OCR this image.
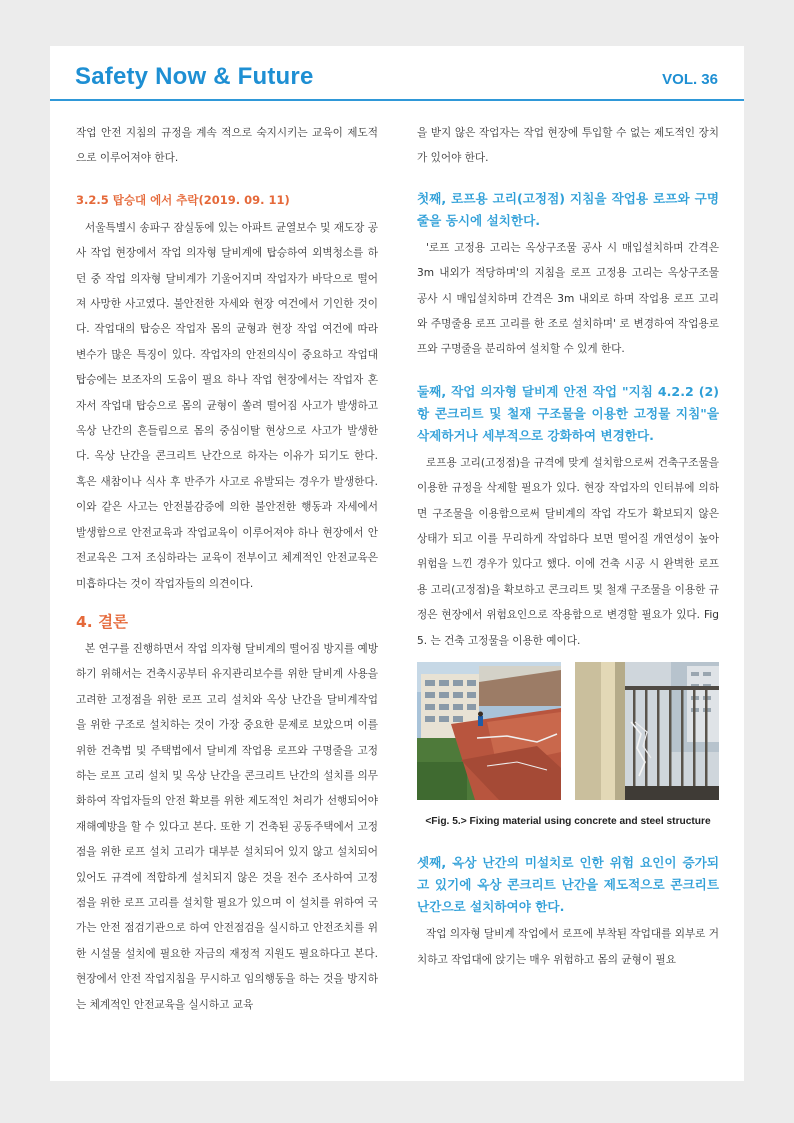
Safety Now & Future	VOL. 36

작업 안전 지침의 규정을 계속 적으로 숙지시키는 교육이 제도적으로 이루어져야 한다.

3.2.5 탑승대 에서 추락(2019. 09. 11)

서울특별시 송파구 잠실동에 있는 아파트 균열보수 및 재도장 공사 작업 현장에서 작업 의자형 달비계에 탑승하여 외벽청소를 하던 중 작업 의자형 달비계가 기울어지며 작업자가 바닥으로 떨어져 사망한 사고였다. 불안전한 자세와 현장 여건에서 기인한 것이다. 작업대의 탑승은 작업자 몸의 균형과 현장 작업 여건에 따라 변수가 많은 특징이 있다. 작업자의 안전의식이 중요하고 작업대 탑승에는 보조자의 도움이 필요 하나 작업 현장에서는 작업자 혼자서 작업대 탑승으로 몸의 균형이 쏠려 떨어짐 사고가 발생하고 옥상 난간의 흔들림으로 몸의 중심이탈 현상으로 사고가 발생한다. 옥상 난간을 콘크리트 난간으로 하자는 이유가 되기도 한다. 혹은 새참이나 식사 후 반주가 사고로 유발되는 경우가 발생한다. 이와 같은 사고는 안전불감증에 의한 불안전한 행동과 자세에서 발생함으로 안전교육과 작업교육이 이루어져야 하나 현장에서 안전교육은 그저 조심하라는 교육이 전부이고 체계적인 안전교육은 미흡하다는 것이 작업자들의 의견이다.

4. 결론

본 연구를 진행하면서 작업 의자형 달비계의 떨어짐 방지를 예방하기 위해서는 건축시공부터 유지관리보수를 위한 달비계 사용을 고려한 고정점을 위한 로프 고리 설치와 옥상 난간을 달비계작업을 위한 구조로 설치하는 것이 가장 중요한 문제로 보았으며 이를 위한 건축법 및 주택법에서 달비계 작업용 로프와 구명줄을 고정하는 로프 고리 설치 및 옥상 난간을 콘크리트 난간의 설치를 의무화하여 작업자들의 안전 확보를 위한 제도적인 처리가 선행되어야 재해예방을 할 수 있다고 본다. 또한 기 건축된 공동주택에서 고정점을 위한 로프 설치 고리가 대부분 설치되어 있지 않고 설치되어 있어도 규격에 적합하게 설치되지 않은 것을 전수 조사하여 고정점을 위한 로프 고리를 설치할 필요가 있으며 이 설치를 위하여 국가는 안전 점검기관으로 하여 안전점검을 실시하고 안전조치를 위한 시설물 설치에 필요한 자금의 재정적 지원도 필요하다고 본다. 현장에서 안전 작업지침을 무시하고 임의행동을 하는 것을 방지하는 체계적인 안전교육을 실시하고 교육

을 받지 않은 작업자는 작업 현장에 투입할 수 없는 제도적인 장치가 있어야 한다.

첫째, 로프용 고리(고정점) 지침을 작업용 로프와 구명줄을 동시에 설치한다.

'로프 고정용 고리는 옥상구조물 공사 시 매입설치하며 간격은 3m 내외가 적당하며'의 지침을 로프 고정용 고리는 옥상구조물 공사 시 매입설치하며 간격은 3m 내외로 하며 작업용 로프 고리와 주명줄용 로프 고리를 한 조로 설치하며' 로 변경하여 작업용로프와 구명줄을 분리하여 설치할 수 있게 한다.

둘째, 작업 의자형 달비계 안전 작업 "지침 4.2.2 (2)항 콘크리트 및 철재 구조물을 이용한 고정물 지침"을 삭제하거나 세부적으로 강화하여 변경한다.

로프용 고리(고정점)을 규격에 맞게 설치함으로써 건축구조물을 이용한 규정을 삭제할 필요가 있다. 현장 작업자의 인터뷰에 의하면 구조물을 이용함으로써 달비계의 작업 각도가 확보되지 않은 상태가 되고 이를 무리하게 작업하다 보면 떨어질 개연성이 높아 위험을 느낀 경우가 있다고 했다. 이에 건축 시공 시 완벽한 로프용 고리(고정점)을 확보하고 콘크리트 및 철재 구조물을 이용한 규정은 현장에서 위험요인으로 작용함으로 변경할 필요가 있다. Fig 5. 는 건축 고정물을 이용한 예이다.

<Fig. 5.> Fixing material using concrete and steel structure
셋째, 옥상 난간의 미설치로 인한 위험 요인이 증가되고 있기에 옥상 콘크리트 난간을 제도적으로 콘크리트 난간으로 설치하여야 한다.

작업 의자형 달비계 작업에서 로프에 부착된 작업대를 외부로 거치하고 작업대에 앉기는 매우 위험하고 몸의 균형이 필요
